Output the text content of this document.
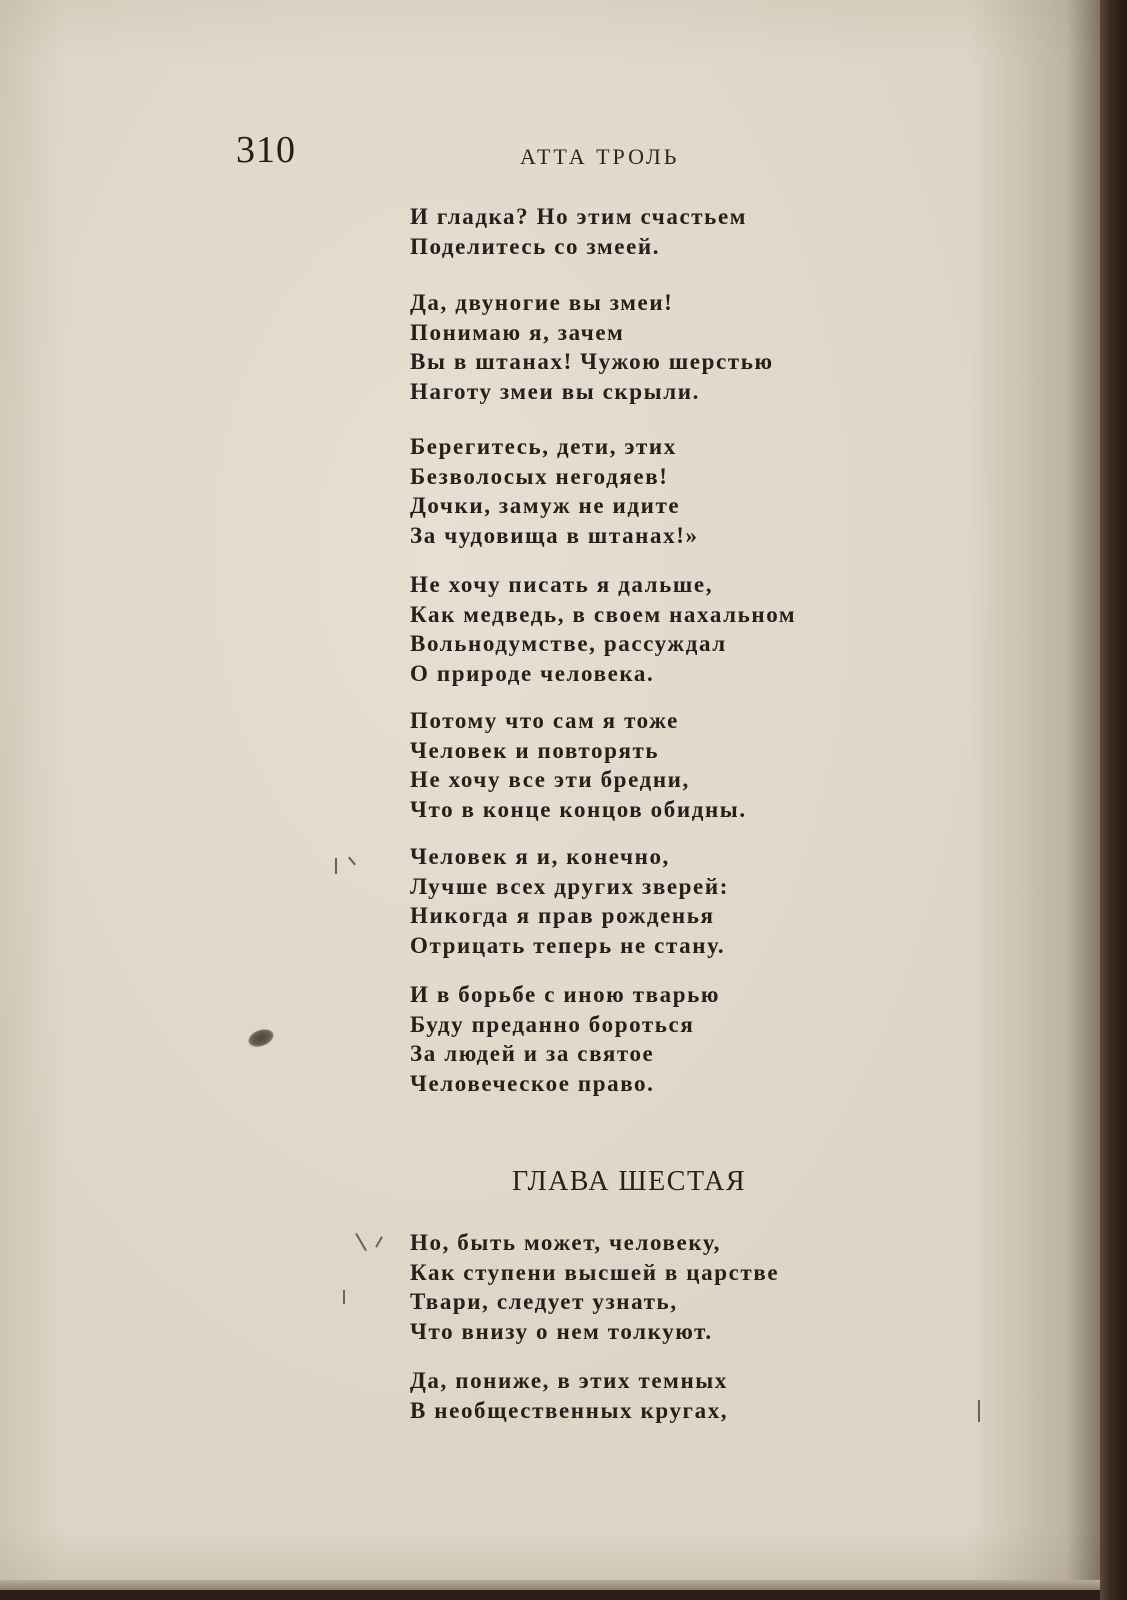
310	АТТА ТРОЛЬ
И гладка? Но этим счастьем
Поделитесь со змеей.
Да, двуногие вы змеи!
Понимаю я, зачем
Вы в штанах! Чужою шерстью
Наготу змеи вы скрыли.
Берегитесь, дети, этих
Безволосых негодяев!
Дочки, замуж не идите
За чудовища в штанах!»
Не хочу писать я дальше,
Как медведь, в своем нахальном
Вольнодумстве, рассуждал
О природе человека.
Потому что сам я тоже
Человек и повторять
Не хочу все эти бредни,
Что в конце концов обидны.
Человек я и, конечно,
Лучше всех других зверей:
Никогда я прав рожденья
Отрицать теперь не стану.
И в борьбе с иною тварью
Буду преданно бороться
За людей и за святое
Человеческое право.
ГЛАВА ШЕСТАЯ
Но, быть может, человеку,
Как ступени высшей в царстве
Твари, следует узнать,
Что внизу о нем толкуют.
Да, пониже, в этих темных
В необщественных кругах,
